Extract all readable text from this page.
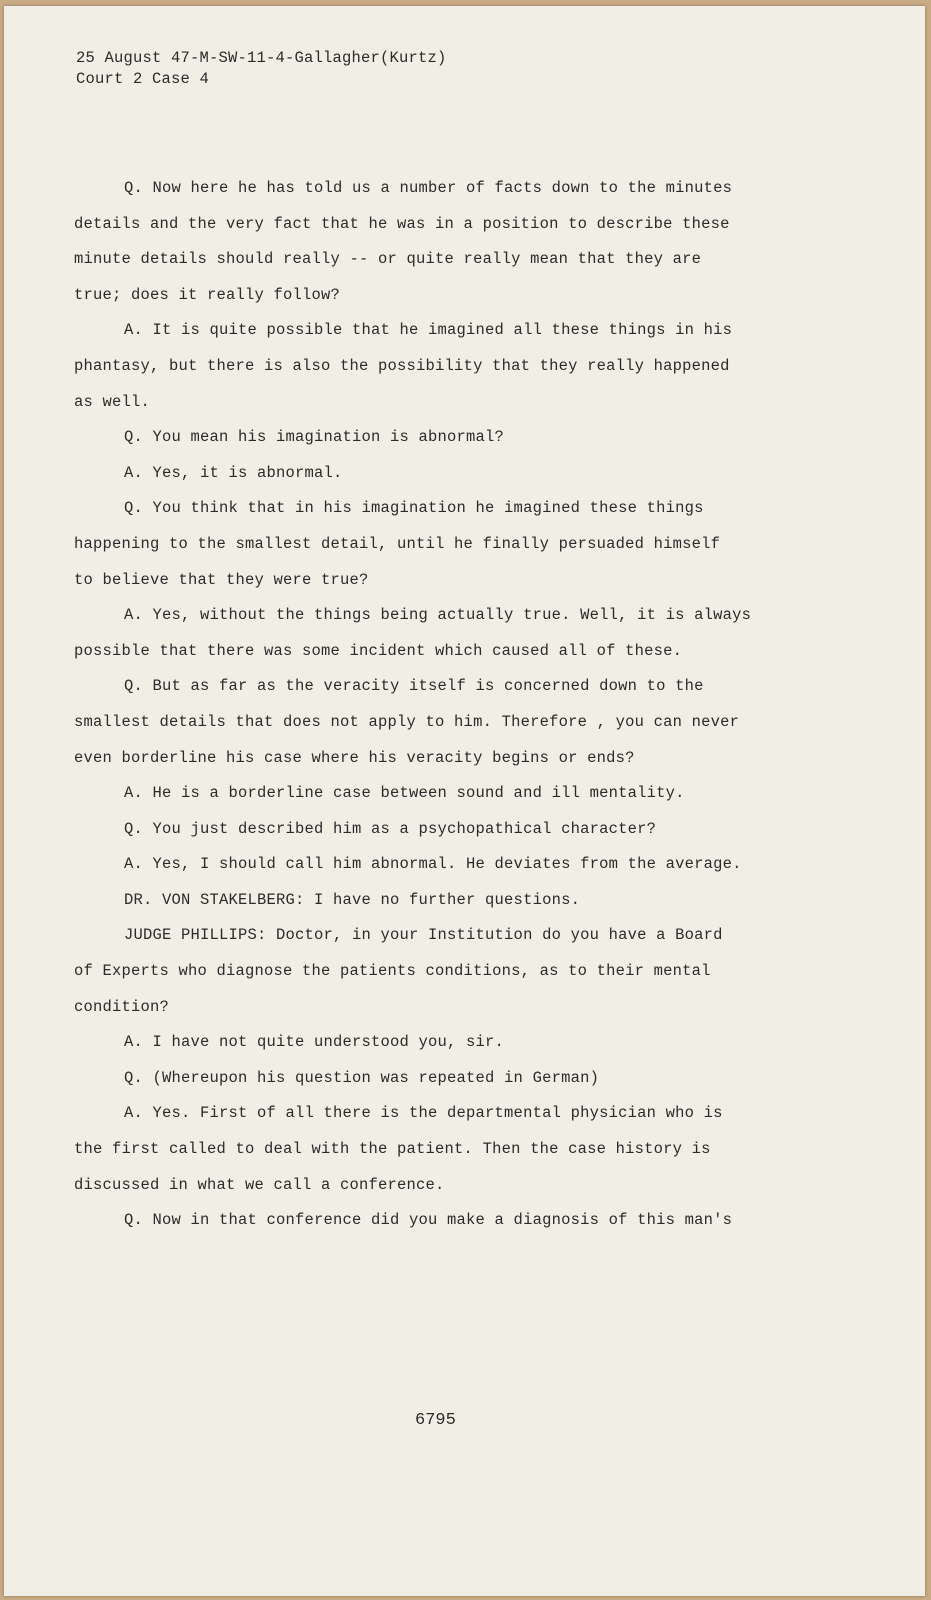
25 August 47-M-SW-11-4-Gallagher(Kurtz)
Court 2 Case 4
Q. Now here he has told us a number of facts down to the minutes
details and the very fact that he was in a position to describe these
minute details should really -- or quite really mean that they are
true; does it really follow?
A. It is quite possible that he imagined all these things in his
phantasy, but there is also the possibility that they really happened
as well.
Q. You mean his imagination is abnormal?
A. Yes, it is abnormal.
Q. You think that in his imagination he imagined these things
happening to the smallest detail, until he finally persuaded himself
to believe that they were true?
A. Yes, without the things being actually true. Well, it is always
possible that there was some incident which caused all of these.
Q. But as far as the veracity itself is concerned down to the
smallest details that does not apply to him. Therefore , you can never
even borderline his case where his veracity begins or ends?
A. He is a borderline case between sound and ill mentality.
Q. You just described him as a psychopathical character?
A. Yes, I should call him abnormal. He deviates from the average.
DR. VON STAKELBERG: I have no further questions.
JUDGE PHILLIPS: Doctor, in your Institution do you have a Board
of Experts who diagnose the patients conditions, as to their mental
condition?
A. I have not quite understood you, sir.
Q. (Whereupon his question was repeated in German)
A. Yes. First of all there is the departmental physician who is
the first called to deal with the patient. Then the case history is
discussed in what we call a conference.
Q. Now in that conference did you make a diagnosis of this man's
6795
